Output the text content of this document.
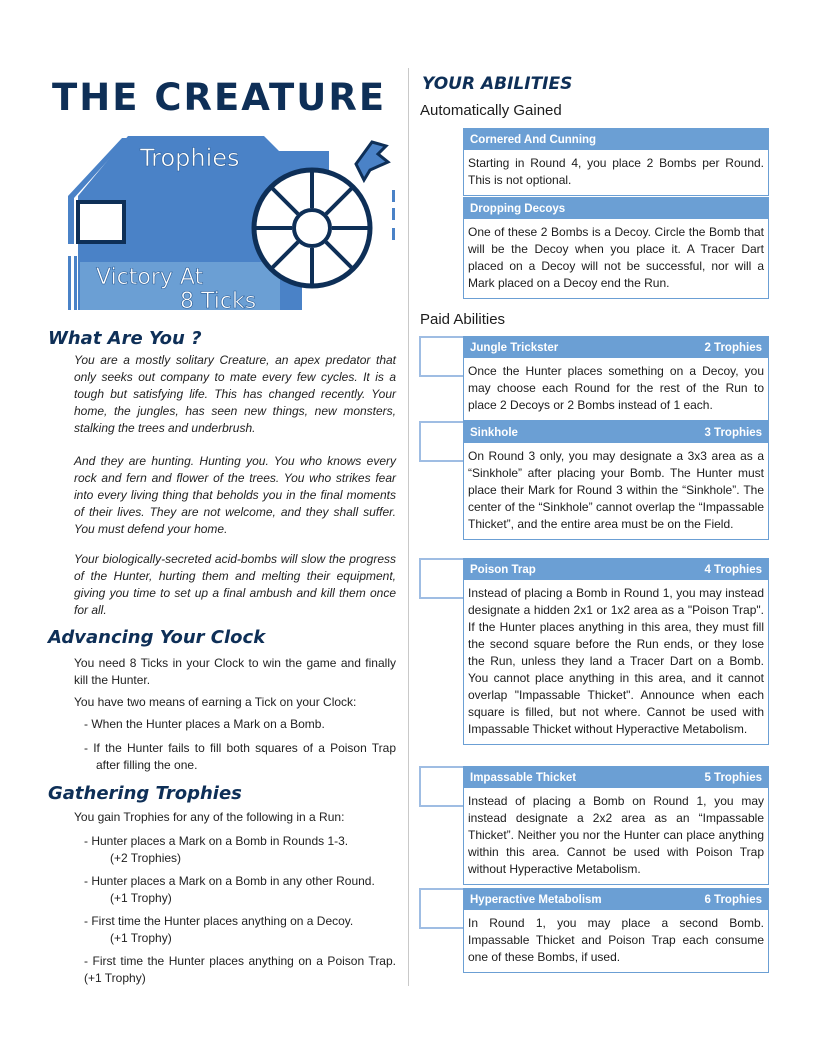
THE CREATURE
Trophies
Victory At
8 Ticks
What Are You ?
You are a mostly solitary Creature, an apex predator that only seeks out company to mate every few cycles. It is a tough but satisfying life. This has changed recently. Your home, the jungles, has seen new things, new monsters, stalking the trees and underbrush.
And they are hunting. Hunting you. You who knows every rock and fern and flower of the trees. You who strikes fear into every living thing that beholds you in the final moments of their lives. They are not welcome, and they shall suffer. You must defend your home.
Your biologically-secreted acid-bombs will slow the progress of the Hunter, hurting them and melting their equipment, giving you time to set up a final ambush and kill them once for all.
Advancing Your Clock
You need 8 Ticks in your Clock to win the game and finally kill the Hunter.
You have two means of earning a Tick on your Clock:
- When the Hunter places a Mark on a Bomb.
- If the Hunter fails to fill both squares of a Poison Trap after filling the one.
Gathering Trophies
You gain Trophies for any of the following in a Run:
- Hunter places a Mark on a Bomb in Rounds 1-3.
(+2 Trophies)
- Hunter places a Mark on a Bomb in any other Round.
(+1 Trophy)
- First time the Hunter places anything on a Decoy.
(+1 Trophy)
- First time the Hunter places anything on a Poison Trap. (+1 Trophy)
YOUR ABILITIES
Automatically Gained
Cornered And Cunning
Starting in Round 4, you place 2 Bombs per Round. This is not optional.
Dropping Decoys
One of these 2 Bombs is a Decoy. Circle the Bomb that will be the Decoy when you place it. A Tracer Dart placed on a Decoy will not be successful, nor will a Mark placed on a Decoy end the Run.
Paid Abilities
Jungle Trickster	2 Trophies
Once the Hunter places something on a Decoy, you may choose each Round for the rest of the Run to place 2 Decoys or 2 Bombs instead of 1 each.
Sinkhole	3 Trophies
On Round 3 only, you may designate a 3x3 area as a “Sinkhole” after placing your Bomb. The Hunter must place their Mark for Round 3 within the “Sinkhole”. The center of the “Sinkhole” cannot overlap the “Impassable Thicket”, and the entire area must be on the Field.
Poison Trap	4 Trophies
Instead of placing a Bomb in Round 1, you may instead designate a hidden 2x1 or 1x2 area as a "Poison Trap". If the Hunter places anything in this area, they must fill the second square before the Run ends, or they lose the Run, unless they land a Tracer Dart on a Bomb. You cannot place anything in this area, and it cannot overlap "Impassable Thicket". Announce when each square is filled, but not where. Cannot be used with Impassable Thicket without Hyperactive Metabolism.
Impassable Thicket	5 Trophies
Instead of placing a Bomb on Round 1, you may instead designate a 2x2 area as an “Impassable Thicket”. Neither you nor the Hunter can place anything within this area. Cannot be used with Poison Trap without Hyperactive Metabolism.
Hyperactive Metabolism	6 Trophies
In Round 1, you may place a second Bomb. Impassable Thicket and Poison Trap each consume one of these Bombs, if used.
